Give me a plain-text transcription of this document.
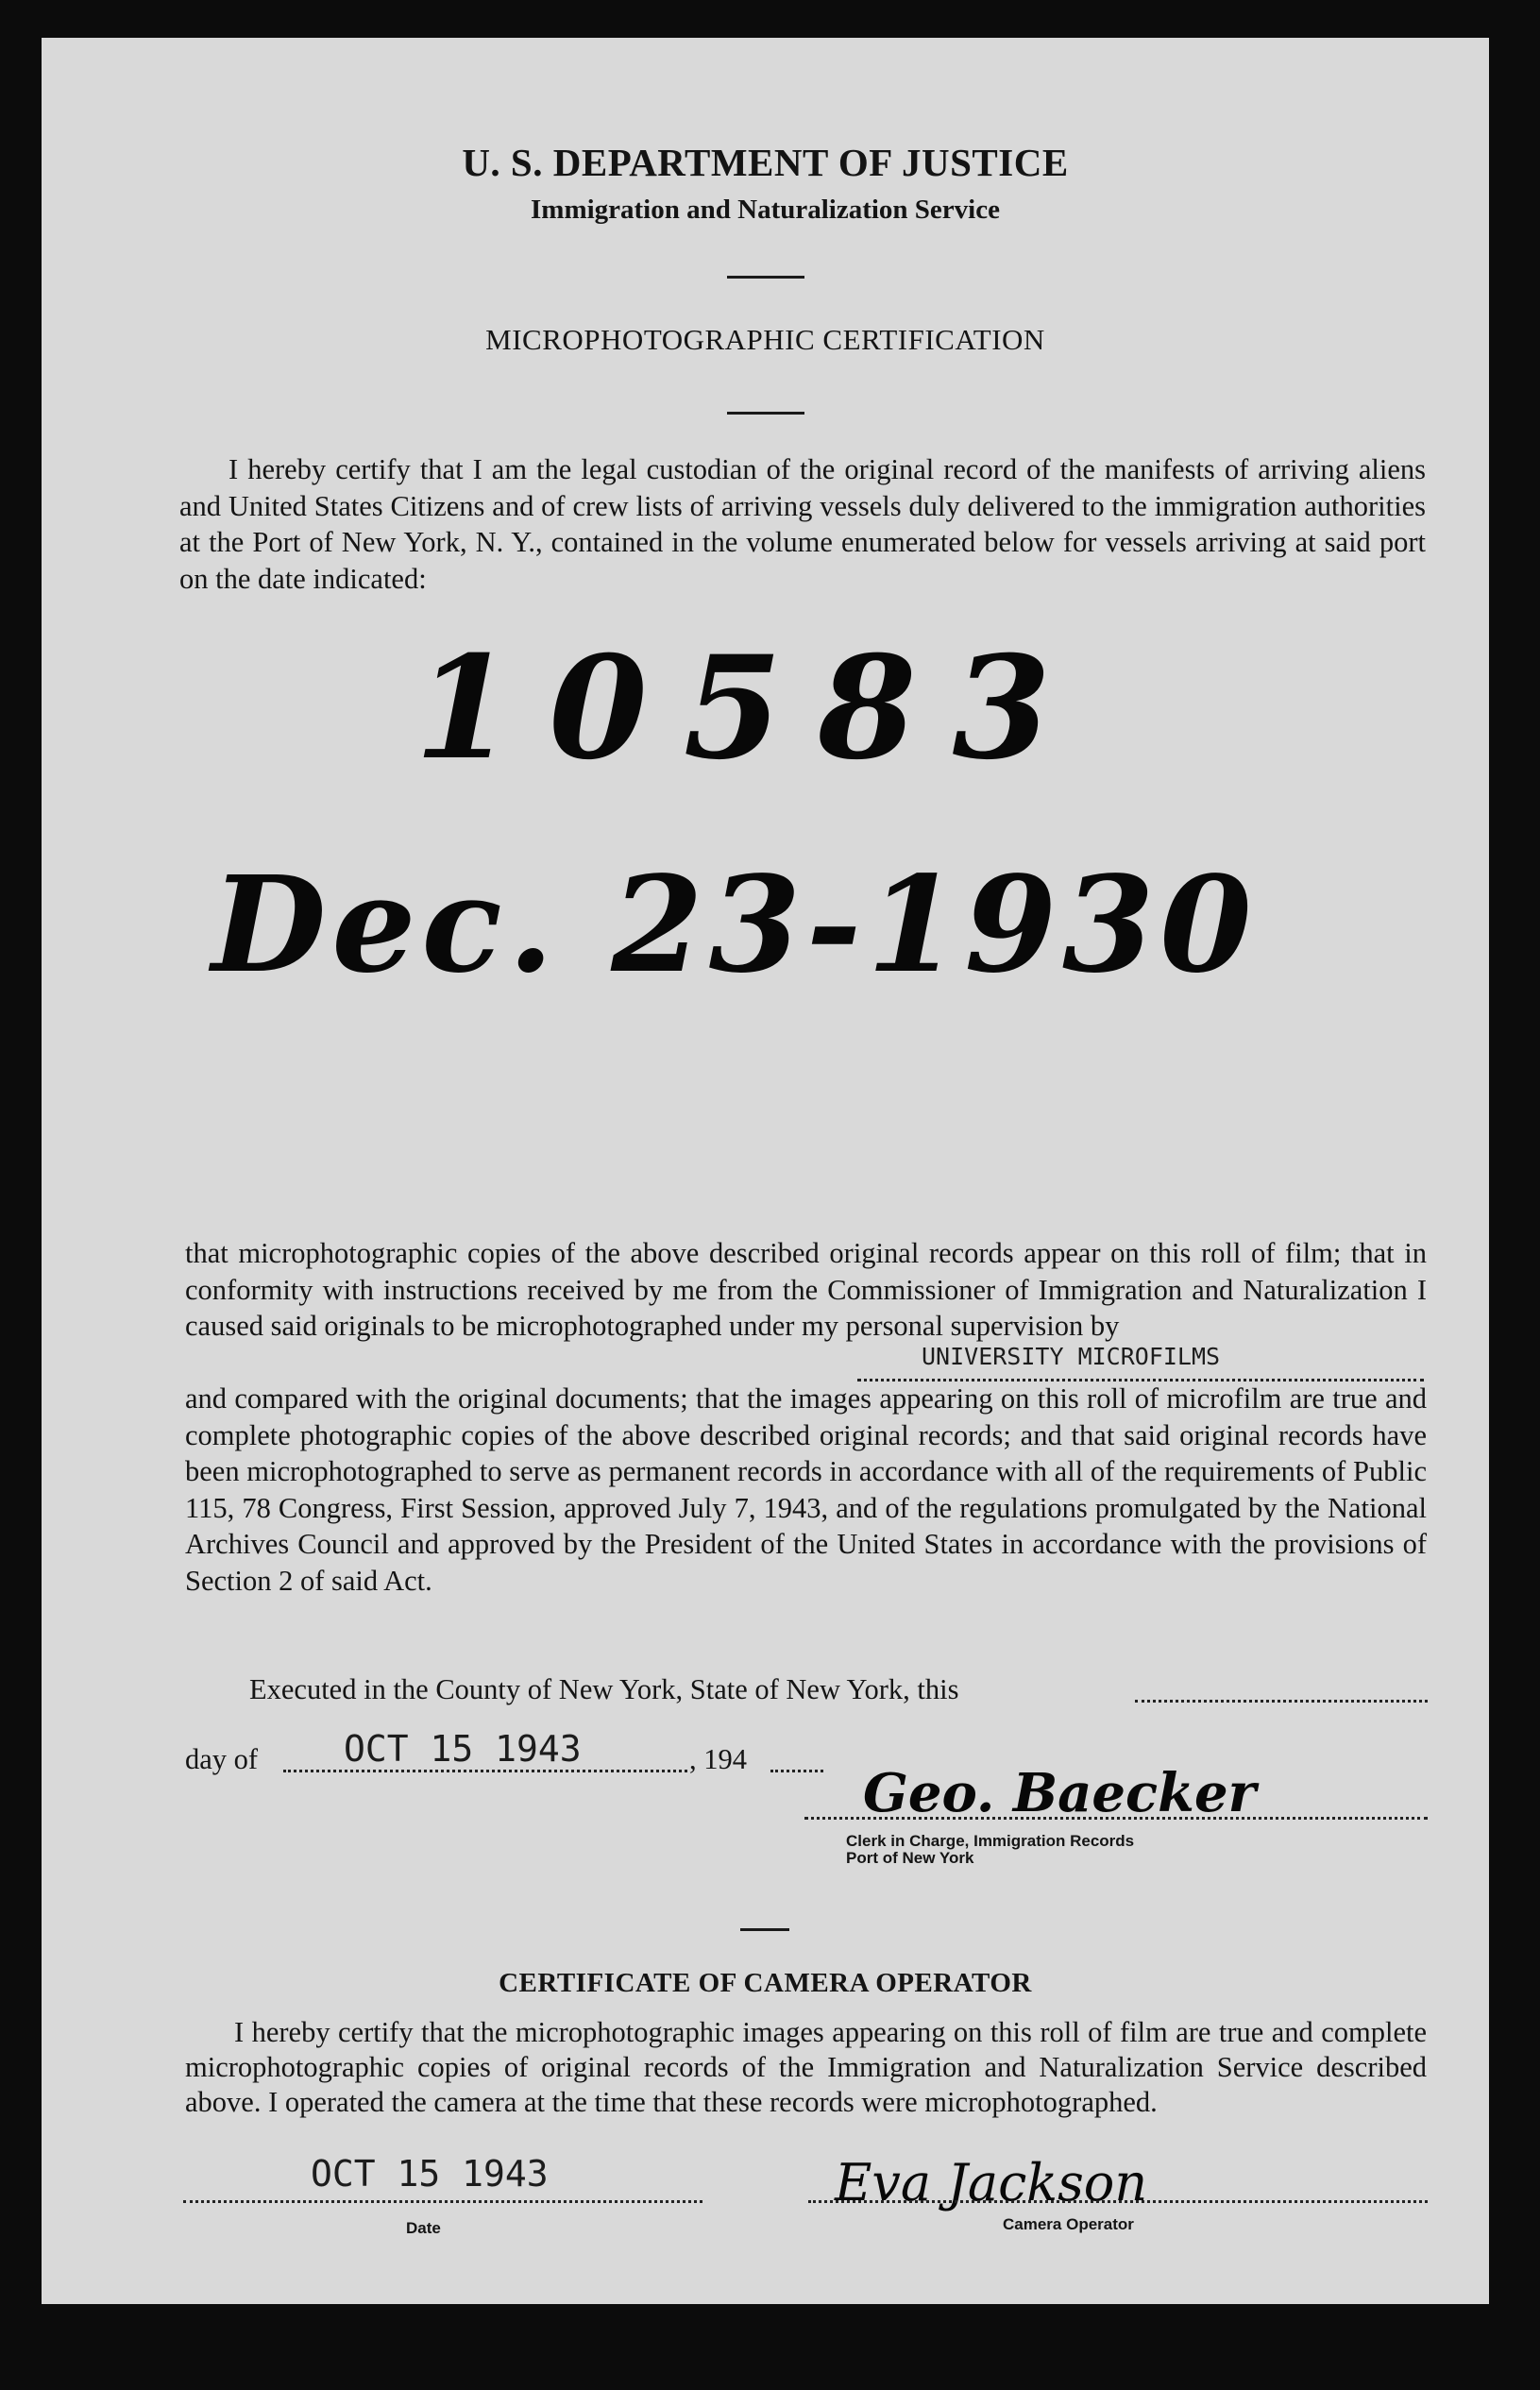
U. S. DEPARTMENT OF JUSTICE
Immigration and Naturalization Service
MICROPHOTOGRAPHIC CERTIFICATION
I hereby certify that I am the legal custodian of the original record of the manifests of arriving aliens and United States Citizens and of crew lists of arriving vessels duly delivered to the immigration authorities at the Port of New York, N. Y., contained in the volume enumerated below for vessels arriving at said port on the date indicated:
10583
Dec. 23-1930
that microphotographic copies of the above described original records appear on this roll of film; that in conformity with instructions received by me from the Commissioner of Immigration and Naturalization I caused said originals to be microphotographed under my personal supervision by
UNIVERSITY MICROFILMS
and compared with the original documents; that the images appearing on this roll of microfilm are true and complete photographic copies of the above described original records; and that said original records have been microphotographed to serve as permanent records in accordance with all of the requirements of Public 115, 78 Congress, First Session, approved July 7, 1943, and of the regulations promulgated by the National Archives Council and approved by the President of the United States in accordance with the provisions of Section 2 of said Act.
Executed in the County of New York, State of New York, this
day of OCT 15 1943	, 194
Geo. Baecker
Clerk in Charge, Immigration Records
Port of New York
CERTIFICATE OF CAMERA OPERATOR
I hereby certify that the microphotographic images appearing on this roll of film are true and complete microphotographic copies of original records of the Immigration and Naturalization Service described above. I operated the camera at the time that these records were microphotographed.
OCT 15 1943
Date
Eva Jackson
Camera Operator
